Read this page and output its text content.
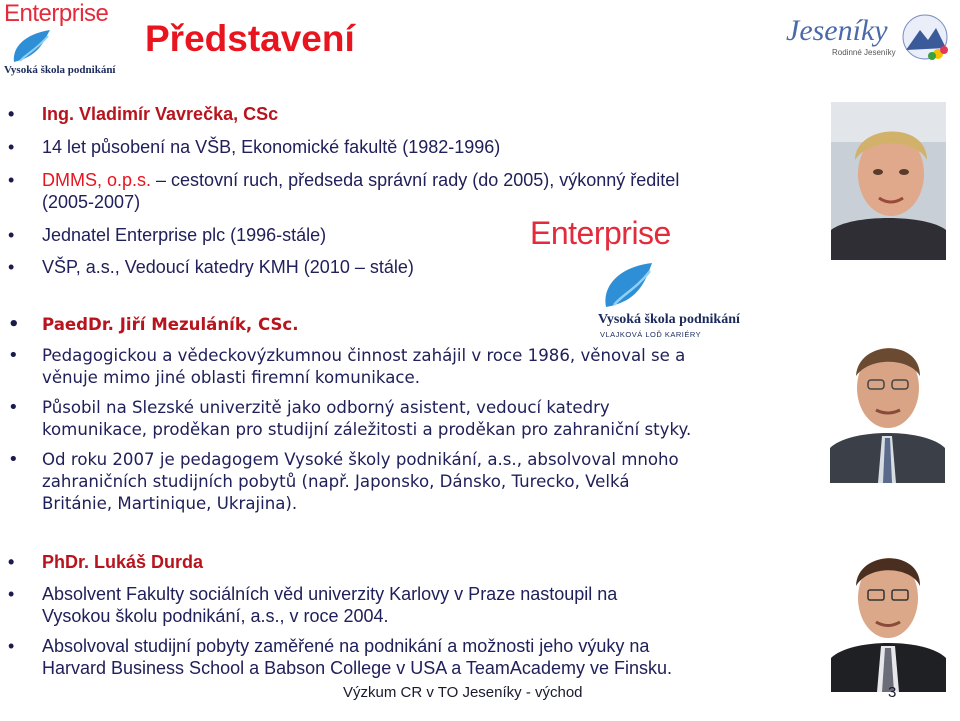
Enterprise
Vysoká škola podnikání
Představení	Jeseníky
Rodinné Jeseníky
• Ing. Vladimír Vavrečka, CSc
• 14 let působení na VŠB, Ekonomické fakultě (1982-1996)
• DMMS, o.p.s. – cestovní ruch, předseda správní rady (do 2005), výkonný ředitel
(2005-2007)
• Jednatel Enterprise plc (1996-stále)
• VŠP, a.s., Vedoucí katedry KMH (2010 – stále)
Enterprise
Vysoká škola podnikání
VLAJKOVÁ LOĎ KARIÉRY
• PaedDr. Jiří Mezuláník, CSc.
• Pedagogickou a vědeckovýzkumnou činnost zahájil v roce 1986, věnoval se a
věnuje mimo jiné oblasti firemní komunikace.
• Působil na Slezské univerzitě jako odborný asistent, vedoucí katedry
komunikace, proděkan pro studijní záležitosti a proděkan pro zahraniční styky.
• Od roku 2007 je pedagogem Vysoké školy podnikání, a.s., absolvoval mnoho
zahraničních studijních pobytů (např. Japonsko, Dánsko, Turecko, Velká
Británie, Martinique, Ukrajina).
• PhDr. Lukáš Durda
• Absolvent Fakulty sociálních věd univerzity Karlovy v Praze nastoupil na
Vysokou školu podnikání, a.s., v roce 2004.
• Absolvoval studijní pobyty zaměřené na podnikání a možnosti jeho výuky na
Harvard Business School a Babson College v USA a TeamAcademy ve Finsku.
Výzkum CR v TO Jeseníky - východ	3
